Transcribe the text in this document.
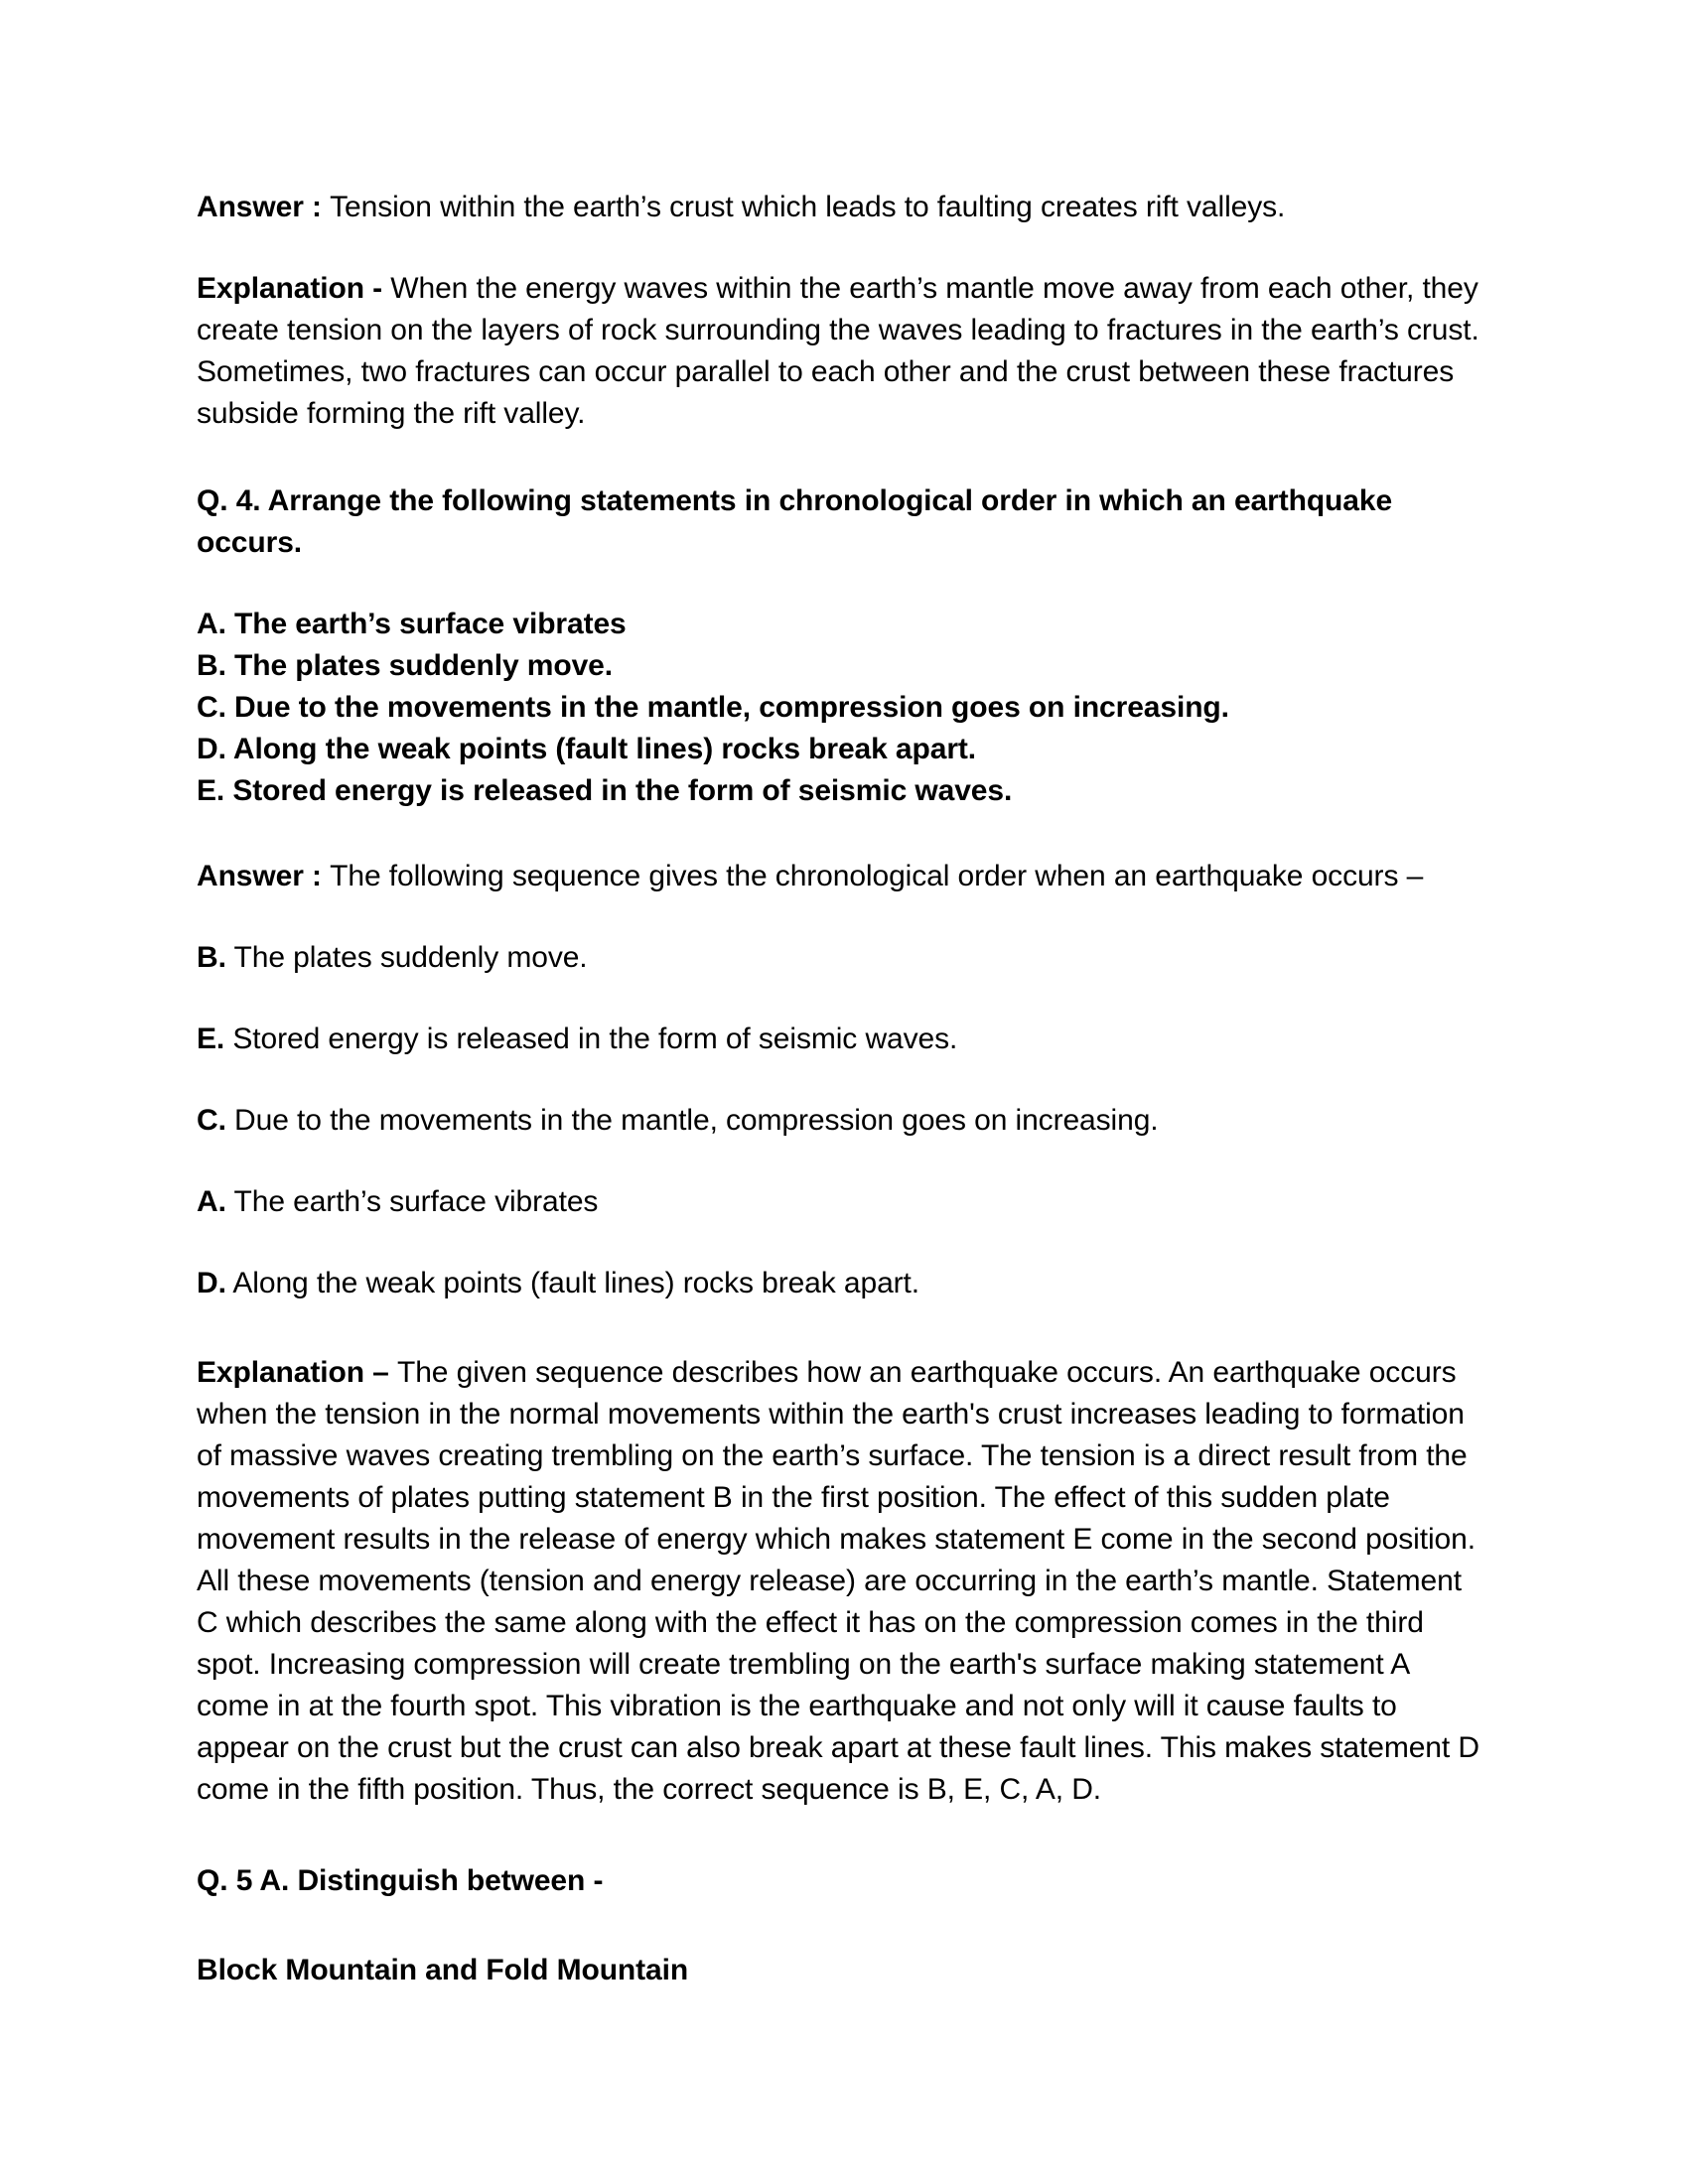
Answer : Tension within the earth’s crust which leads to faulting creates rift valleys.

Explanation - When the energy waves within the earth’s mantle move away from each other, they create tension on the layers of rock surrounding the waves leading to fractures in the earth’s crust. Sometimes, two fractures can occur parallel to each other and the crust between these fractures subside forming the rift valley.

Q. 4. Arrange the following statements in chronological order in which an earthquake occurs.

A. The earth’s surface vibrates
B. The plates suddenly move.
C. Due to the movements in the mantle, compression goes on increasing.
D. Along the weak points (fault lines) rocks break apart.
E. Stored energy is released in the form of seismic waves.

Answer : The following sequence gives the chronological order when an earthquake occurs –

B. The plates suddenly move.
E. Stored energy is released in the form of seismic waves.
C. Due to the movements in the mantle, compression goes on increasing.
A. The earth’s surface vibrates
D. Along the weak points (fault lines) rocks break apart.

Explanation – The given sequence describes how an earthquake occurs. An earthquake occurs when the tension in the normal movements within the earth's crust increases leading to formation of massive waves creating trembling on the earth’s surface. The tension is a direct result from the movements of plates putting statement B in the first position. The effect of this sudden plate movement results in the release of energy which makes statement E come in the second position. All these movements (tension and energy release) are occurring in the earth’s mantle. Statement C which describes the same along with the effect it has on the compression comes in the third spot. Increasing compression will create trembling on the earth's surface making statement A come in at the fourth spot. This vibration is the earthquake and not only will it cause faults to appear on the crust but the crust can also break apart at these fault lines. This makes statement D come in the fifth position. Thus, the correct sequence is B, E, C, A, D.

Q. 5 A. Distinguish between -

Block Mountain and Fold Mountain
